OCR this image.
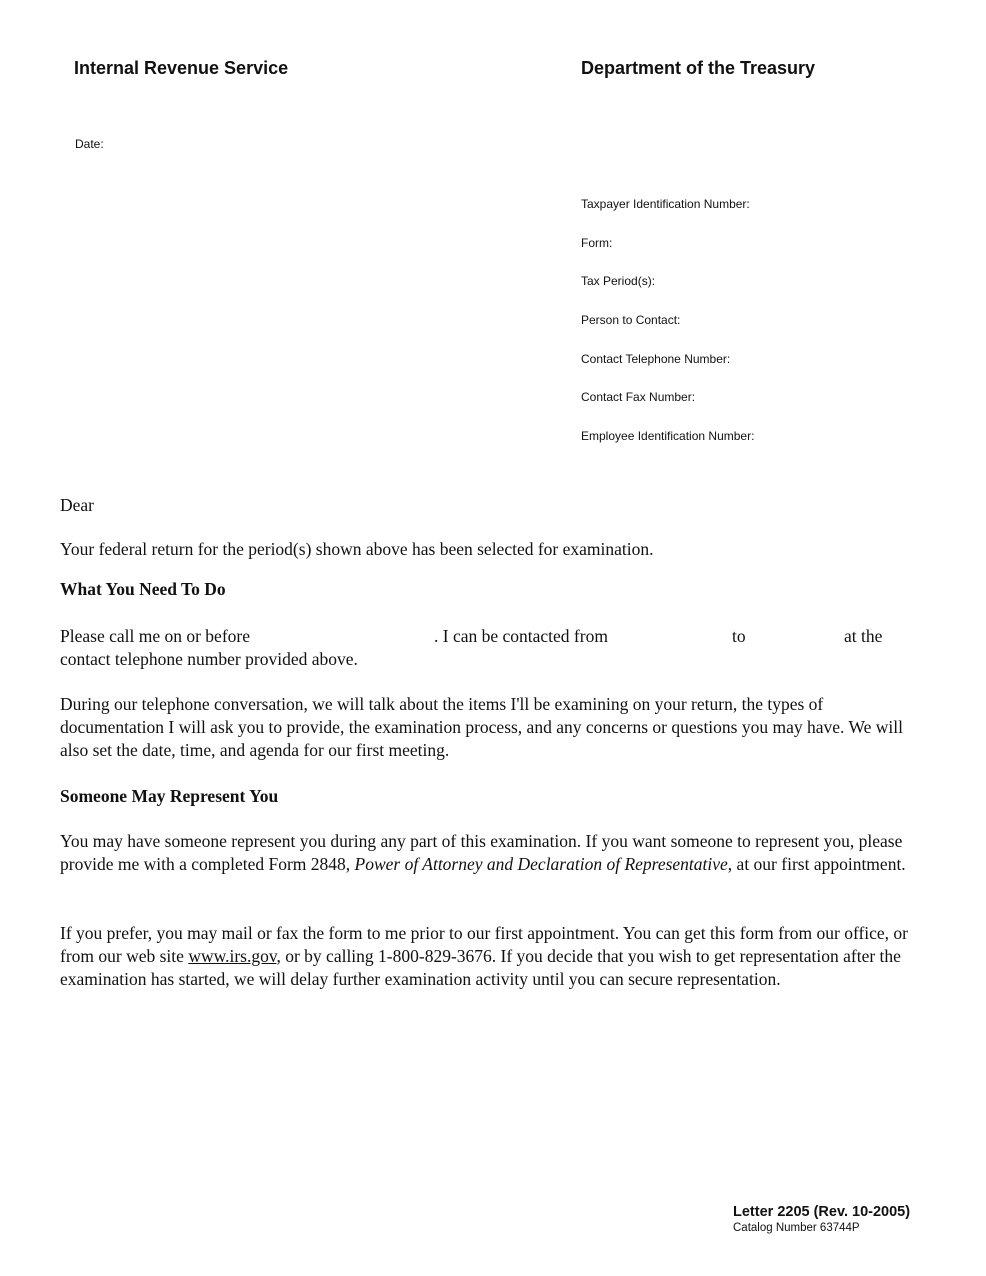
Internal Revenue Service	Department of the Treasury
Date:
Taxpayer Identification Number:
Form:
Tax Period(s):
Person to Contact:
Contact Telephone Number:
Contact Fax Number:
Employee Identification Number:
Dear
Your federal return for the period(s) shown above has been selected for examination.
What You Need To Do
Please call me on or before	. I can be contacted from	to	at the
contact telephone number provided above.
During our telephone conversation, we will talk about the items I'll be examining on your return, the types of documentation I will ask you to provide, the examination process, and any concerns or questions you may have. We will also set the date, time, and agenda for our first meeting.
Someone May Represent You
You may have someone represent you during any part of this examination. If you want someone to represent you, please provide me with a completed Form 2848, Power of Attorney and Declaration of Representative, at our first appointment.
If you prefer, you may mail or fax the form to me prior to our first appointment. You can get this form from our office, or from our web site www.irs.gov, or by calling 1-800-829-3676. If you decide that you wish to get representation after the examination has started, we will delay further examination activity until you can secure representation.
Letter 2205 (Rev. 10-2005)
Catalog Number 63744P
